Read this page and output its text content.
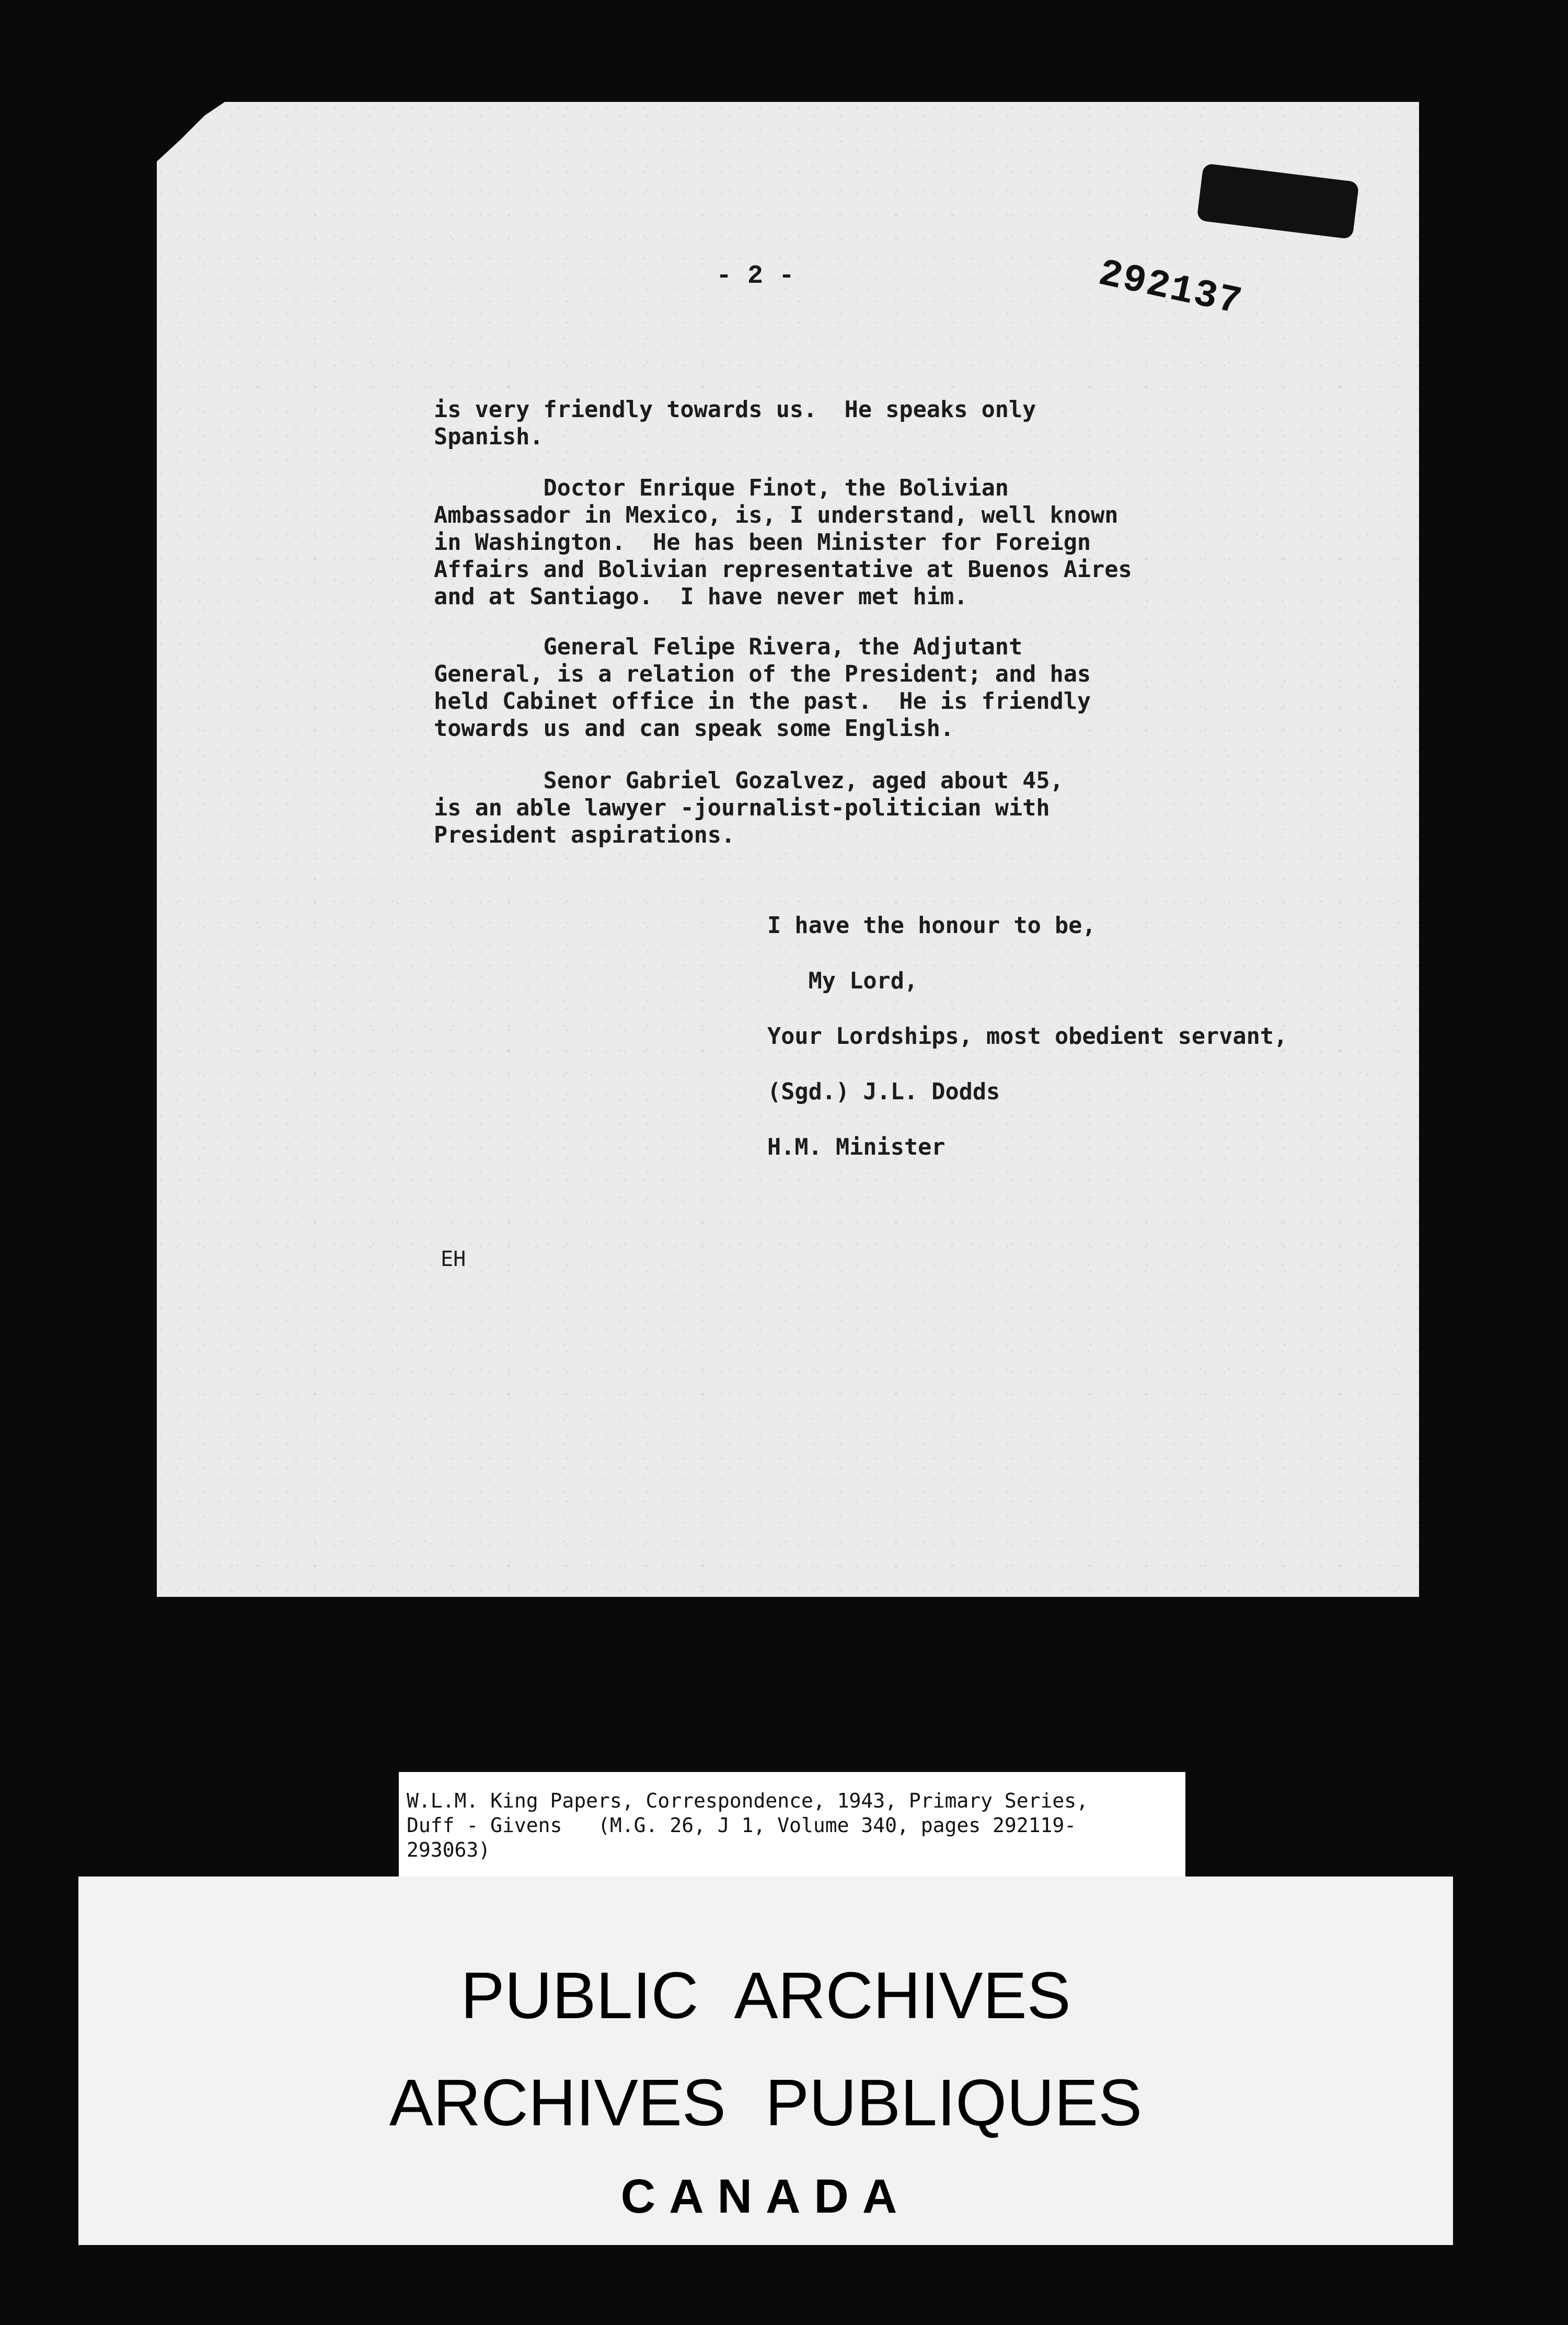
- 2 -	292137
is very friendly towards us.  He speaks only
Spanish.
Doctor Enrique Finot, the Bolivian
Ambassador in Mexico, is, I understand, well known
in Washington.  He has been Minister for Foreign
Affairs and Bolivian representative at Buenos Aires
and at Santiago.  I have never met him.
General Felipe Rivera, the Adjutant
General, is a relation of the President; and has
held Cabinet office in the past.  He is friendly
towards us and can speak some English.
Senor Gabriel Gozalvez, aged about 45,
is an able lawyer -journalist-politician with
President aspirations.
I have the honour to be,
My Lord,
Your Lordships, most obedient servant,
(Sgd.) J.L. Dodds
H.M. Minister
EH
W.L.M. King Papers, Correspondence, 1943, Primary Series,
Duff - Givens   (M.G. 26, J 1, Volume 340, pages 292119-
293063)

PUBLIC ARCHIVES

ARCHIVES PUBLIQUES

CANADA
